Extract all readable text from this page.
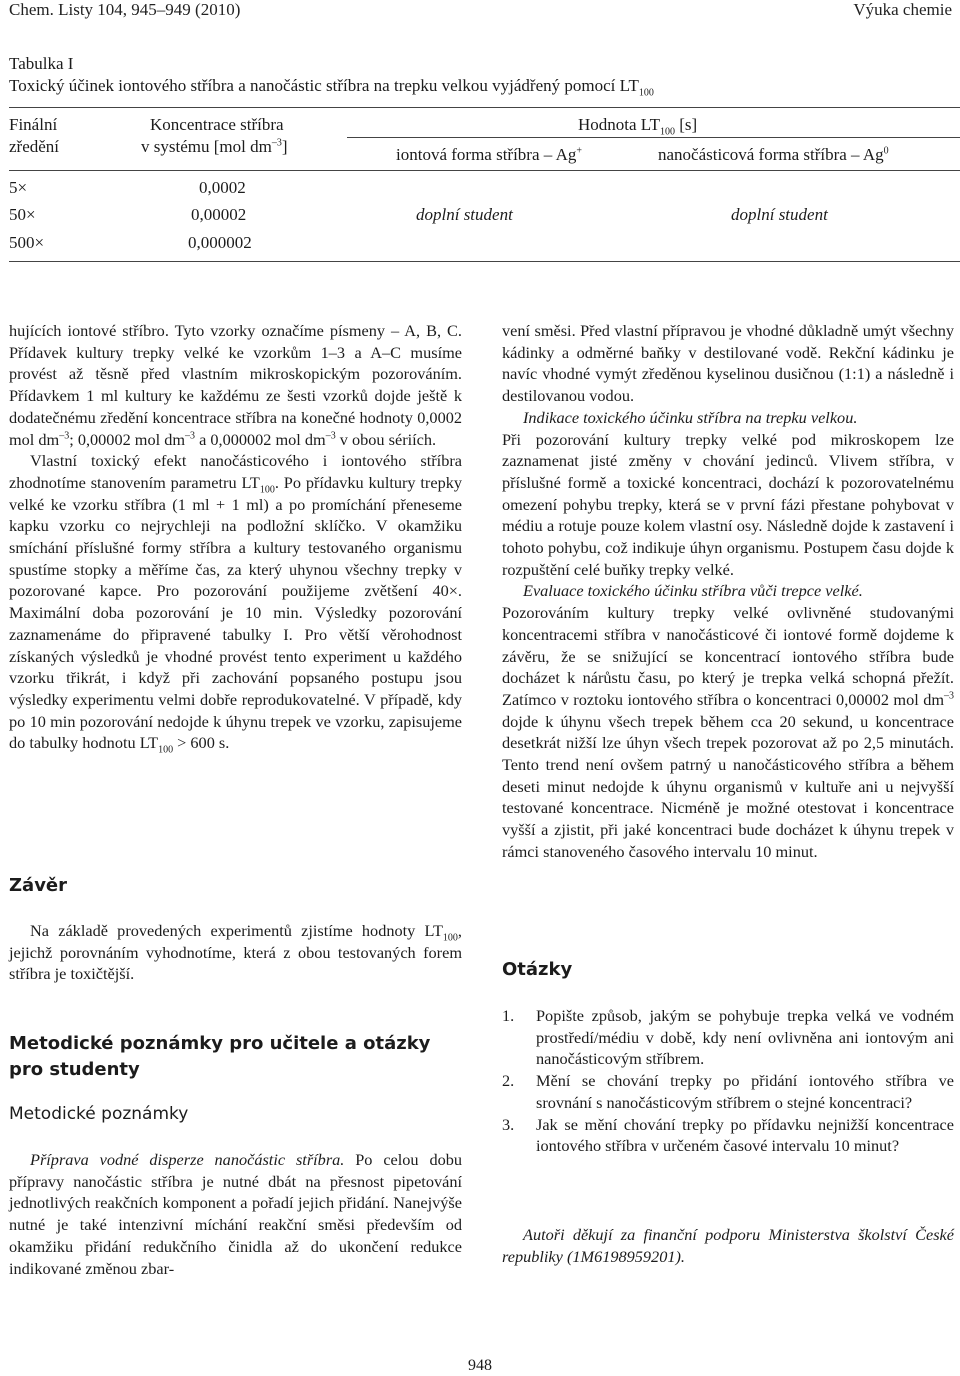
Chem. Listy 104, 945–949 (2010)	Výuka chemie
Tabulka I
Toxický účinek iontového stříbra a nanočástic stříbra na trepku velkou vyjádřený pomocí $LT_{100}$
Finální
zředění
Koncentrace stříbra
v systému [mol $dm^{-3}$]
Hodnota $LT_{100}$ [s]
iontová forma stříbra – Ag+	nanočásticová forma stříbra – Ag$^0$
5×	0,0002
50×	0,00002	doplní student	doplní student
500×	0,000002

hujících iontové stříbro. Tyto vzorky označíme písmeny – A, B, C. Přídavek kultury trepky velké ke vzorkům 1–3 a A–C musíme provést až těsně před vlastním mikroskopickým pozorováním. Přídavkem 1 ml kultury ke každému ze šesti vzorků dojde ještě k dodatečnému zředění koncentrace stříbra na konečné hodnoty 0,0002 mol $dm^{-3}$; 0,00002 mol $dm^{-3}$ a 0,000002 mol $dm^{-3}$ v obou sériích.

Vlastní toxický efekt nanočásticového i iontového stříbra zhodnotíme stanovením parametru $LT_{100}$. Po přídavku kultury trepky velké ke vzorku stříbra (1 ml + 1 ml) a po promíchání přeneseme kapku vzorku co nejrychleji na podložní sklíčko. V okamžiku smíchání příslušné formy stříbra a kultury testovaného organismu spustíme stopky a měříme čas, za který uhynou všechny trepky v pozorované kapce. Pro pozorování použijeme zvětšení 40×. Maximální doba pozorování je 10 min. Výsledky pozorování zaznamenáme do připravené tabulky I. Pro větší věrohodnost získaných výsledků je vhodné provést tento experiment u každého vzorku třikrát, i když při zachování popsaného postupu jsou výsledky experimentu velmi dobře reprodukovatelné. V případě, kdy po 10 min pozorování nedojde k úhynu trepek ve vzorku, zapisujeme do tabulky hodnotu $LT_{100} > 600$ s.

Závěr

Na základě provedených experimentů zjistíme hodnoty $LT_{100}$, jejichž porovnáním vyhodnotíme, která z obou testovaných forem stříbra je toxičtější.

Metodické poznámky pro učitele a otázky pro studenty
Metodické poznámky

Příprava vodné disperze nanočástic stříbra. Po celou dobu přípravy nanočástic stříbra je nutné dbát na přesnost pipetování jednotlivých reakčních komponent a pořadí jejich přidání. Nanejvýše nutné je také intenzivní míchání reakční směsi především od okamžiku přidání redukčního činidla až do ukončení redukce indikované změnou zbar-

vení směsi. Před vlastní přípravou je vhodné důkladně umýt všechny kádinky a odměrné baňky v destilované vodě. Rekční kádinku je navíc vhodné vymýt zředěnou kyselinou dusičnou (1:1) a následně i destilovanou vodou.

Indikace toxického účinku stříbra na trepku velkou.

Při pozorování kultury trepky velké pod mikroskopem lze zaznamenat jisté změny v chování jedinců. Vlivem stříbra, v příslušné formě a toxické koncentraci, dochází k pozorovatelnému omezení pohybu trepky, která se v první fázi přestane pohybovat v médiu a rotuje pouze kolem vlastní osy. Následně dojde k zastavení i tohoto pohybu, což indikuje úhyn organismu. Postupem času dojde k rozpuštění celé buňky trepky velké.

Evaluace toxického účinku stříbra vůči trepce velké.

Pozorováním kultury trepky velké ovlivněné studovanými koncentracemi stříbra v nanočásticové či iontové formě dojdeme k závěru, že se snižující se koncentrací iontového stříbra bude docházet k nárůstu času, po který je trepka velká schopná přežít. Zatímco v roztoku iontového stříbra o koncentraci 0,00002 mol $dm^{-3}$ dojde k úhynu všech trepek během cca 20 sekund, u koncentrace desetkrát nižší lze úhyn všech trepek pozorovat až po 2,5 minutách. Tento trend není ovšem patrný u nanočásticového stříbra a během deseti minut nedojde k úhynu organismů v kultuře ani u nejvyšší testované koncentrace. Nicméně je možné otestovat i koncentrace vyšší a zjistit, při jaké koncentraci bude docházet k úhynu trepek v rámci stanoveného časového intervalu 10 minut.

Otázky
1. Popište způsob, jakým se pohybuje trepka velká ve vodném prostředí/médiu v době, kdy není ovlivněna ani iontovým ani nanočásticovým stříbrem.
2. Mění se chování trepky po přidání iontového stříbra ve srovnání s nanočásticovým stříbrem o stejné koncentraci?
3. Jak se mění chování trepky po přídavku nejnižší koncentrace iontového stříbra v určeném časové intervalu 10 minut?

Autoři děkují za finanční podporu Ministerstva školství České republiky (1M6198959201).

948
